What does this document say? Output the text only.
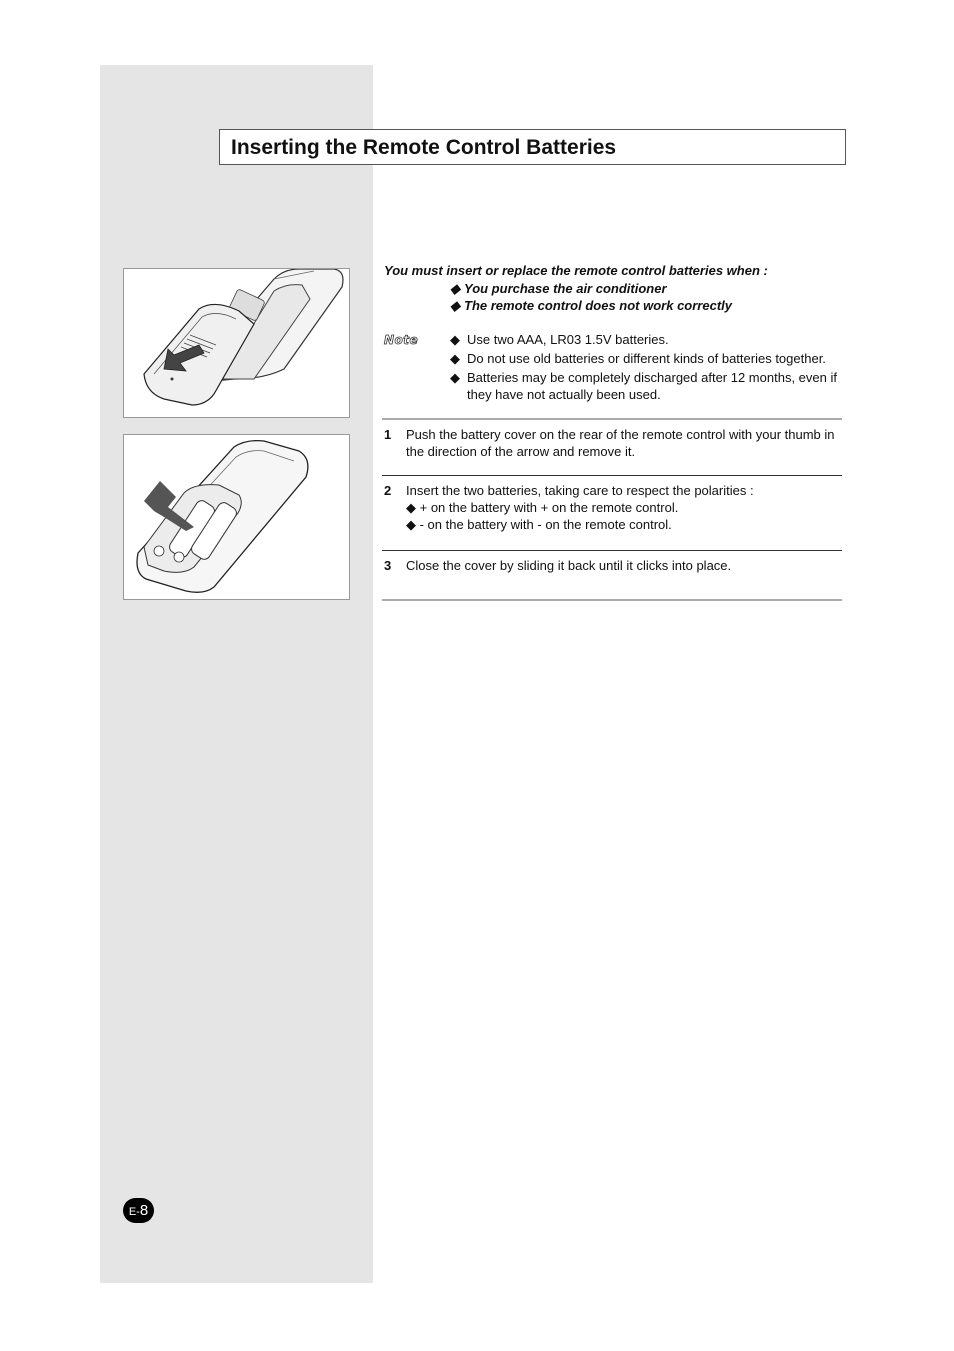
Inserting the Remote Control Batteries
You must insert or replace the remote control batteries when :
◆ You purchase the air conditioner
◆ The remote control does not work correctly
Note ◆ Use two AAA, LR03 1.5V batteries.
◆ Do not use old batteries or different kinds of batteries together.
◆ Batteries may be completely discharged after 12 months, even if they have not actually been used.
1 Push the battery cover on the rear of the remote control with your thumb in the direction of the arrow and remove it.
2 Insert the two batteries, taking care to respect the polarities :
◆ + on the battery with + on the remote control.
◆ - on the battery with - on the remote control.
3 Close the cover by sliding it back until it clicks into place.
E-8
